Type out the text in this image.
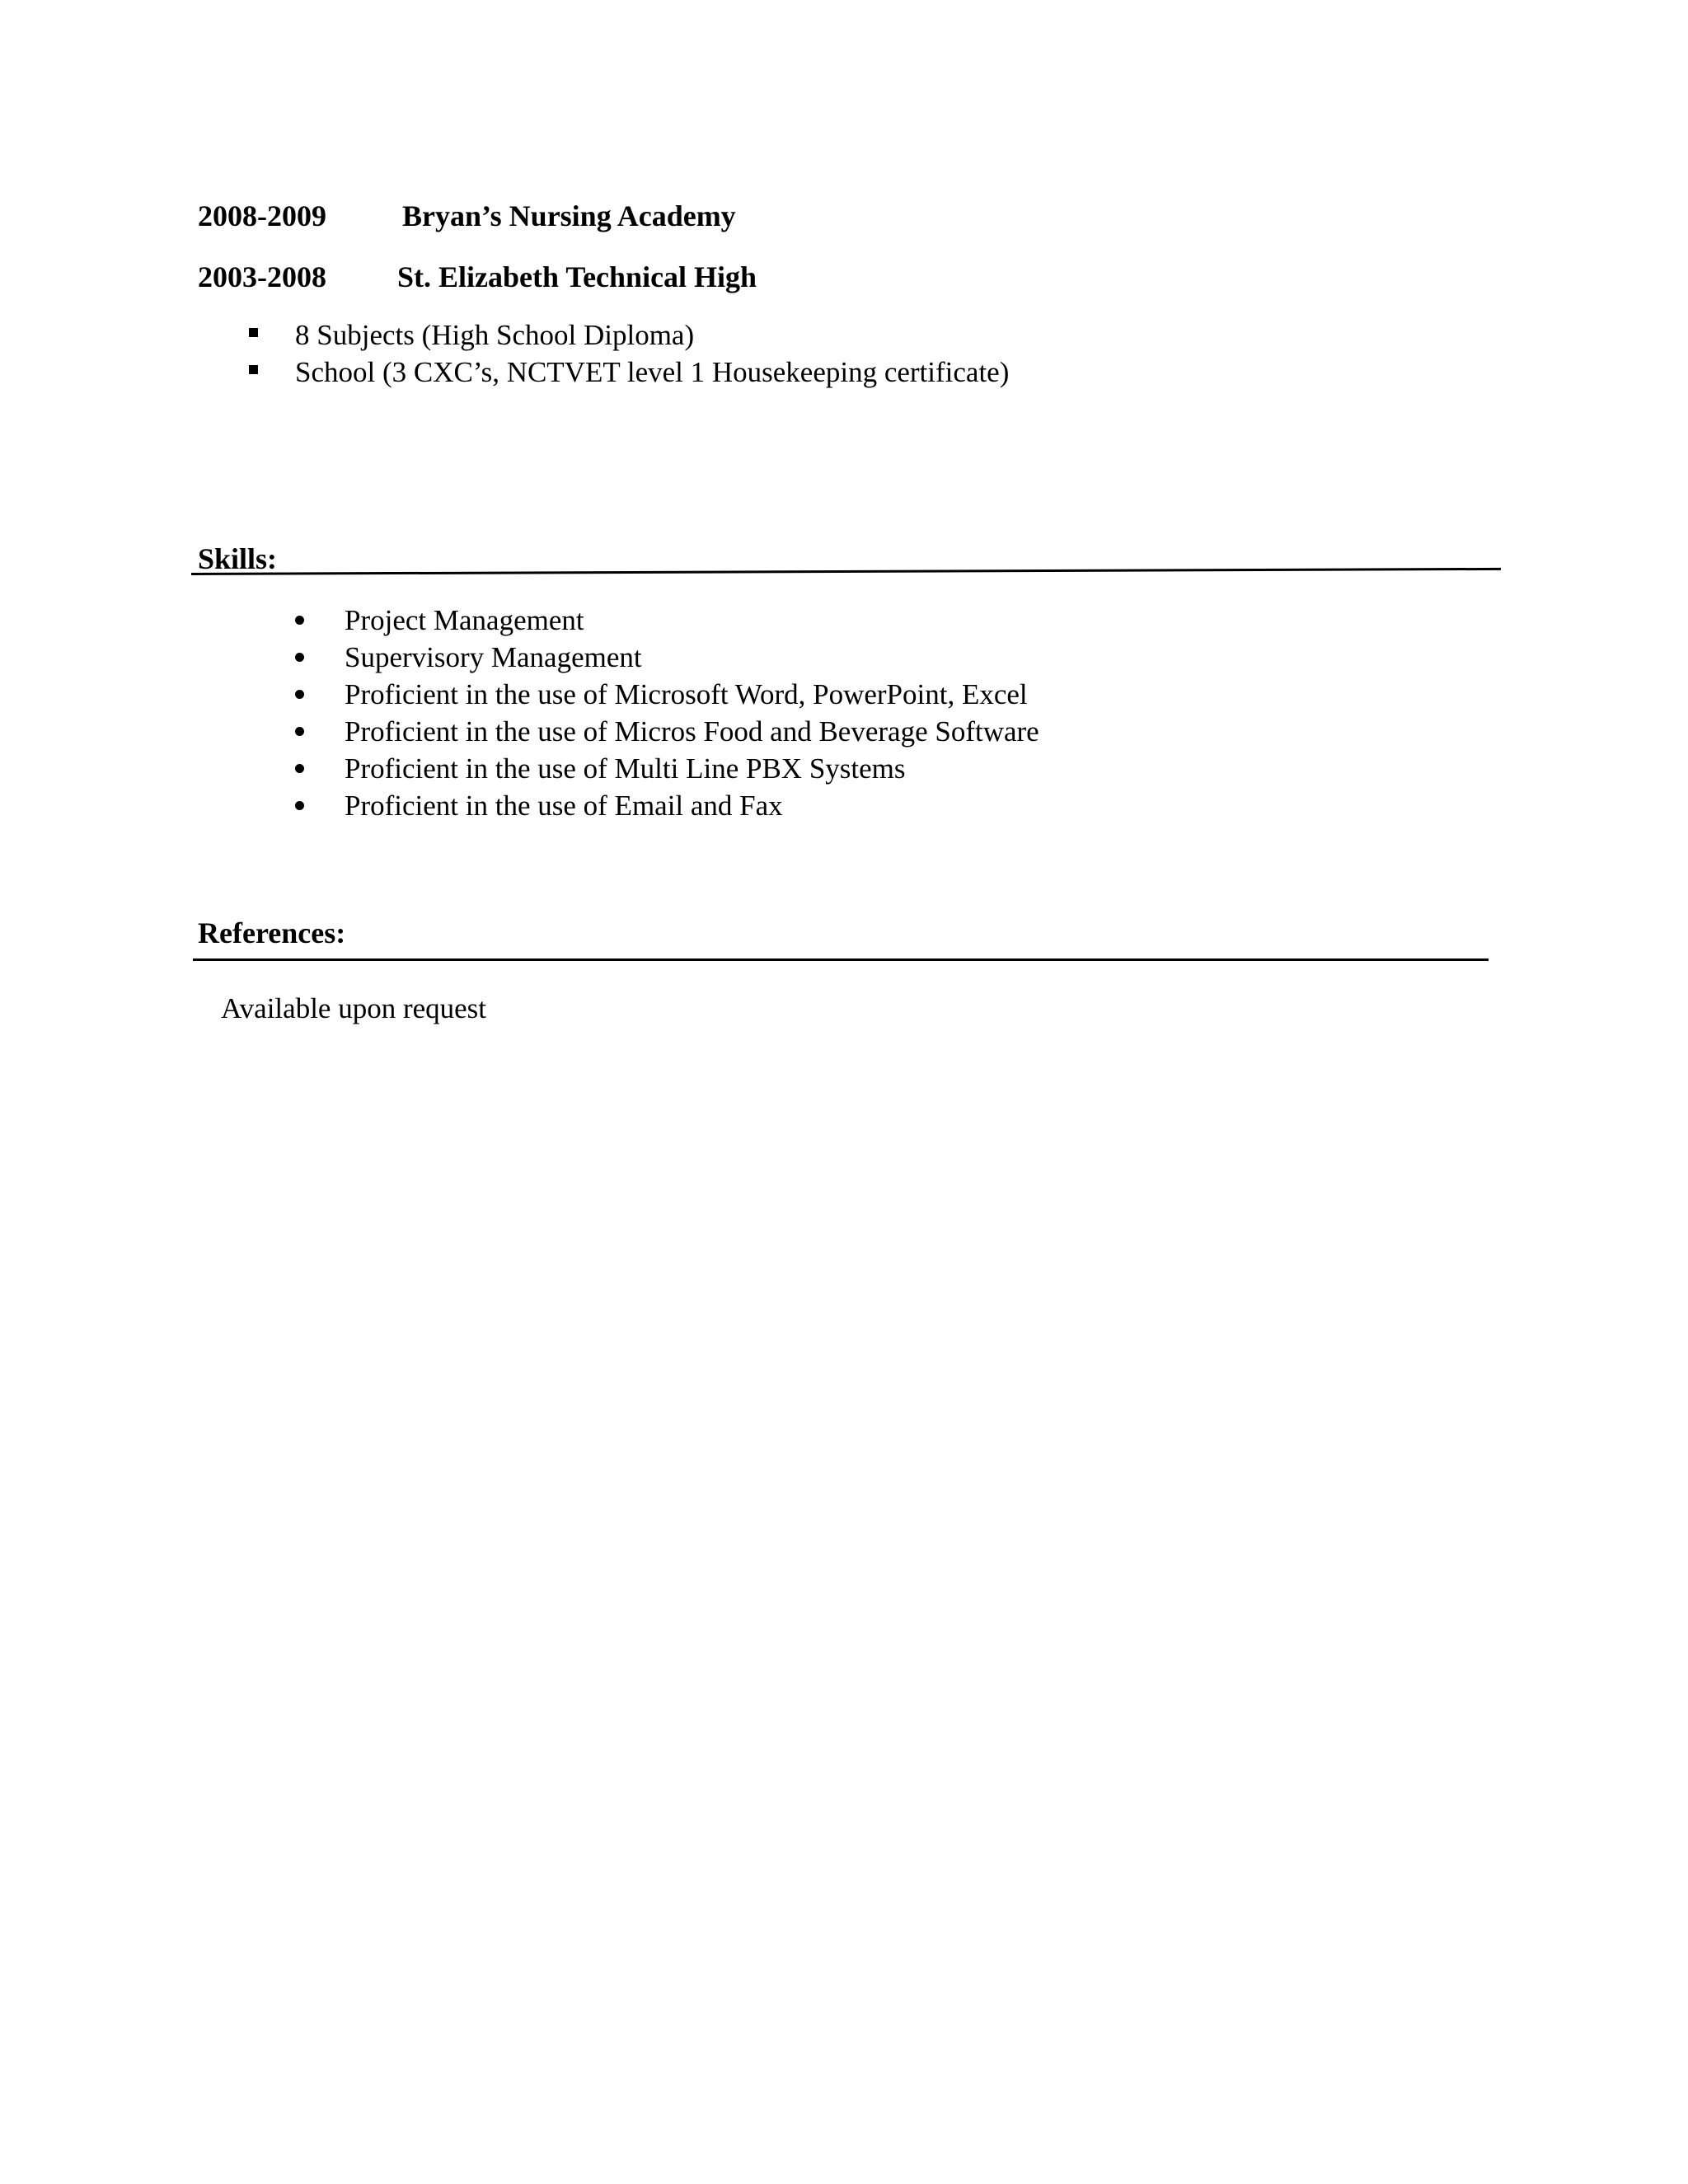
2008-2009	Bryan’s Nursing Academy
2003-2008 St. Elizabeth Technical High
8 Subjects (High School Diploma)
School (3 CXC’s, NCTVET level 1 Housekeeping certificate)
Skills:
Project Management
Supervisory Management
Proficient in the use of Microsoft Word, PowerPoint, Excel
Proficient in the use of Micros Food and Beverage Software
Proficient in the use of Multi Line PBX Systems
Proficient in the use of Email and Fax
References:
Available upon request
